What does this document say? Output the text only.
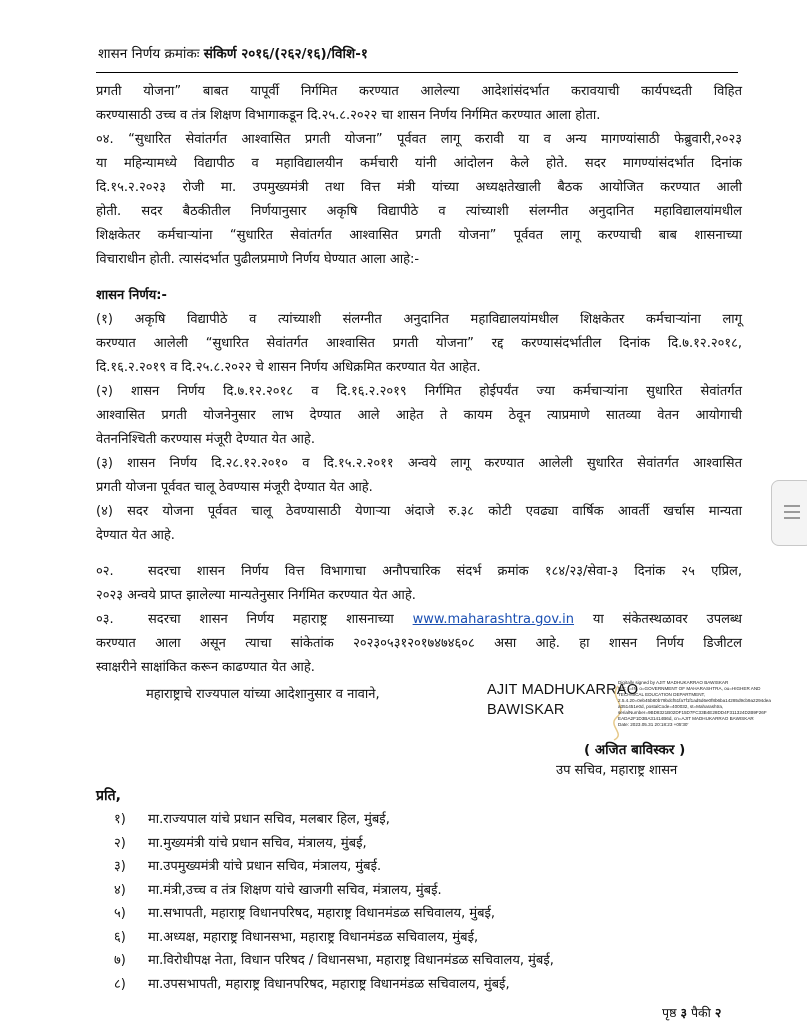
शासन निर्णय क्रमांकः संकिर्ण २०१६/(२६२/१६)/विशि-१
प्रगती योजना” बाबत यापूर्वी निर्गमित करण्यात आलेल्या आदेशांसंदर्भात करावयाची कार्यपध्दती विहित
करण्यासाठी उच्च व तंत्र शिक्षण विभागाकडून दि.२५.८.२०२२ चा शासन निर्णय निर्गमित करण्यात आला होता.
०४. “सुधारित सेवांतर्गत आश्वासित प्रगती योजना” पूर्ववत लागू करावी या व अन्य मागण्यांसाठी फेब्रुवारी,२०२३
या महिन्यामध्ये विद्यापीठ व महाविद्यालयीन कर्मचारी यांनी आंदोलन केले होते. सदर मागण्यांसंदर्भात दिनांक
दि.१५.२.२०२३ रोजी मा. उपमुख्यमंत्री तथा वित्त मंत्री यांच्या अध्यक्षतेखाली बैठक आयोजित करण्यात आली
होती. सदर बैठकीतील निर्णयानुसार अकृषि विद्यापीठे व त्यांच्याशी संलग्नीत अनुदानित महाविद्यालयांमधील
शिक्षकेतर कर्मचाऱ्यांना “सुधारित सेवांतर्गत आश्वासित प्रगती योजना” पूर्ववत लागू करण्याची बाब शासनाच्या
विचाराधीन होती. त्यासंदर्भात पुढीलप्रमाणे निर्णय घेण्यात आला आहे:-
शासन निर्णय:-
(१) अकृषि विद्यापीठे व त्यांच्याशी संलग्नीत अनुदानित महाविद्यालयांमधील शिक्षकेतर कर्मचाऱ्यांना लागू
करण्यात आलेली “सुधारित सेवांतर्गत आश्वासित प्रगती योजना” रद्द करण्यासंदर्भातील दिनांक दि.७.१२.२०१८,
दि.१६.२.२०१९ व दि.२५.८.२०२२ चे शासन निर्णय अधिक्रमित करण्यात येत आहेत.
(२) शासन निर्णय दि.७.१२.२०१८ व दि.१६.२.२०१९ निर्गमित होईपर्यंत ज्या कर्मचाऱ्यांना सुधारित सेवांतर्गत
आश्वासित प्रगती योजनेनुसार लाभ देण्यात आले आहेत ते कायम ठेवून त्याप्रमाणे सातव्या वेतन आयोगाची
वेतननिश्चिती करण्यास मंजूरी देण्यात येत आहे.
(३) शासन निर्णय दि.२८.१२.२०१० व दि.१५.२.२०११ अन्वये लागू करण्यात आलेली सुधारित सेवांतर्गत आश्वासित
प्रगती योजना पूर्ववत चालू ठेवण्यास मंजूरी देण्यात येत आहे.
(४) सदर योजना पूर्ववत चालू ठेवण्यासाठी येणाऱ्या अंदाजे रु.३८ कोटी एवढ्या वार्षिक आवर्ती खर्चास मान्यता
देण्यात येत आहे.
०२.	सदरचा शासन निर्णय वित्त विभागाचा अनौपचारिक संदर्भ क्रमांक १८४/२३/सेवा-३ दिनांक २५ एप्रिल,
२०२३ अन्वये प्राप्त झालेल्या मान्यतेनुसार निर्गमित करण्यात येत आहे.
०३.	सदरचा शासन निर्णय महाराष्ट्र शासनाच्या www.maharashtra.gov.in या संकेतस्थळावर उपलब्ध
करण्यात आला असून त्याचा सांकेतांक २०२३०५३१२०१७४७४६०८ असा आहे. हा शासन निर्णय डिजीटल
स्वाक्षरीने साक्षांकित करून काढण्यात येत आहे.
महाराष्ट्राचे राज्यपाल यांच्या आदेशानुसार व नावाने,	AJIT MADHUKARRAO
BAWISKAR
Digitally signed by AJIT MADHUKARRAO BAWISKAR
DN: c=IN, o=GOVERNMENT OF MAHARASHTRA, ou=HIGHER AND
TECHNICAL EDUCATION DEPARTMENT,
2.5.4.20=0eb45b80b79bdcf51fa7f1f1ad5d6e0f8b6ba14285d9cb9a2294dea
a351451e0d, postalCode=400032, st=Maharashtra,
serialNumber=9BD8321B02DF15D7FC33B4E28DD4F311324D2B9F26F
EADA2F1D3BA31414B6d, cn=AJIT MADHUKARRAO BAWISKAR
Date: 2023.05.31 20:18:23 +05'30'
( अजित बाविस्कर )
उप सचिव, महाराष्ट्र शासन
प्रति,
१) मा.राज्यपाल यांचे प्रधान सचिव, मलबार हिल, मुंबई,
२) मा.मुख्यमंत्री यांचे प्रधान सचिव, मंत्रालय, मुंबई,
३) मा.उपमुख्यमंत्री यांचे प्रधान सचिव, मंत्रालय, मुंबई.
४) मा.मंत्री,उच्च व तंत्र शिक्षण यांचे खाजगी सचिव, मंत्रालय, मुंबई.
५) मा.सभापती, महाराष्ट्र विधानपरिषद, महाराष्ट्र विधानमंडळ सचिवालय, मुंबई,
६) मा.अध्यक्ष, महाराष्ट्र विधानसभा, महाराष्ट्र विधानमंडळ सचिवालय, मुंबई,
७) मा.विरोधीपक्ष नेता, विधान परिषद / विधानसभा, महाराष्ट्र विधानमंडळ सचिवालय, मुंबई,
८) मा.उपसभापती, महाराष्ट्र विधानपरिषद, महाराष्ट्र विधानमंडळ सचिवालय, मुंबई,
पृष्ठ ३ पैकी २
